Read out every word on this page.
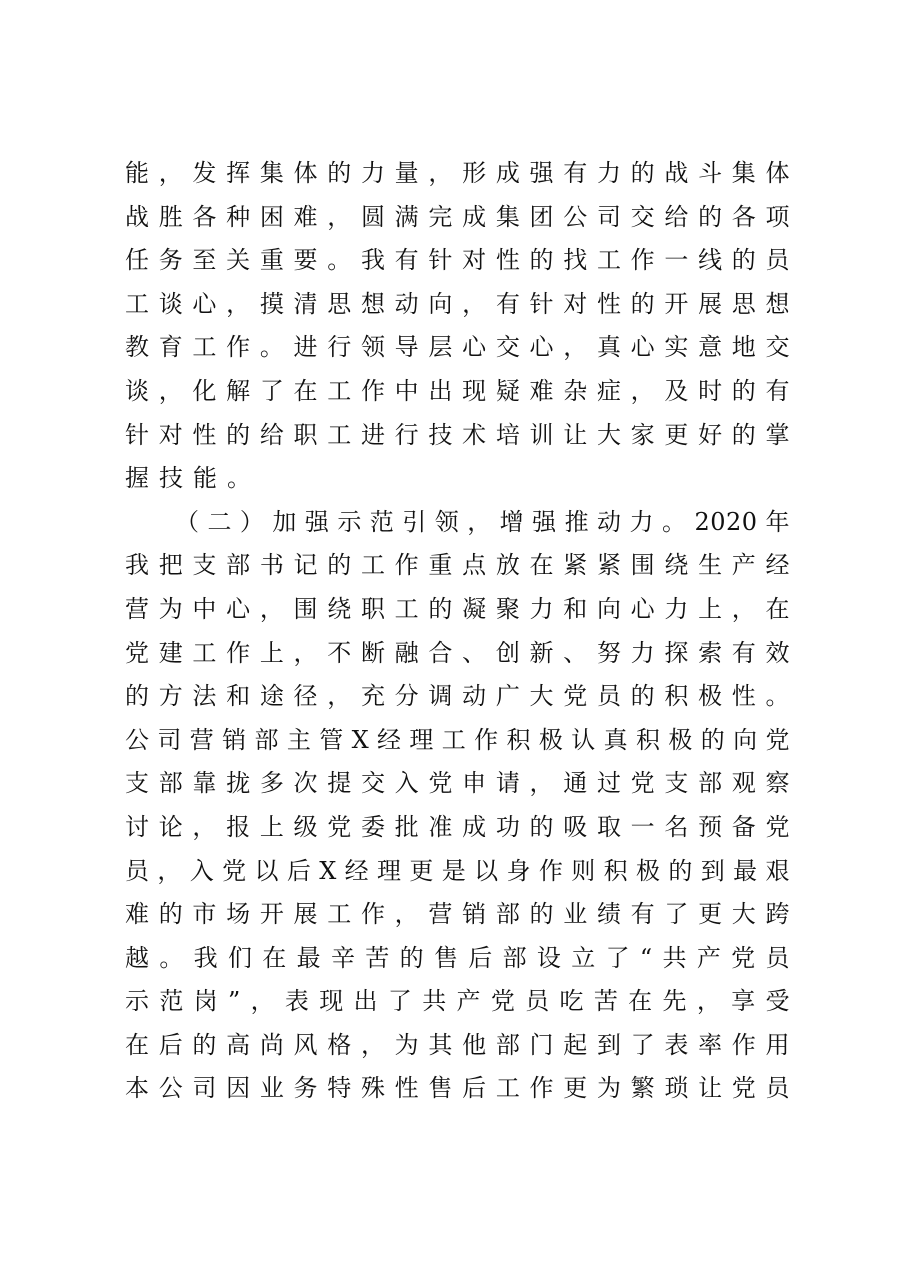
能，发挥集体的力量，形成强有力的战斗集体
战胜各种困难，圆满完成集团公司交给的各项
任务至关重要。我有针对性的找工作一线的员
工谈心，摸清思想动向，有针对性的开展思想
教育工作。进行领导层心交心，真心实意地交
谈，化解了在工作中出现疑难杂症，及时的有
针对性的给职工进行技术培训让大家更好的掌
握技能。
（二）加强示范引领，增强推动力。2020年
我把支部书记的工作重点放在紧紧围绕生产经
营为中心，围绕职工的凝聚力和向心力上，在
党建工作上，不断融合、创新、努力探索有效
的方法和途径，充分调动广大党员的积极性。
公司营销部主管X经理工作积极认真积极的向党
支部靠拢多次提交入党申请，通过党支部观察
讨论，报上级党委批准成功的吸取一名预备党
员，入党以后X经理更是以身作则积极的到最艰
难的市场开展工作，营销部的业绩有了更大跨
越。我们在最辛苦的售后部设立了“共产党员
示范岗”，表现出了共产党员吃苦在先，享受
在后的高尚风格，为其他部门起到了表率作用
本公司因业务特殊性售后工作更为繁琐让党员
